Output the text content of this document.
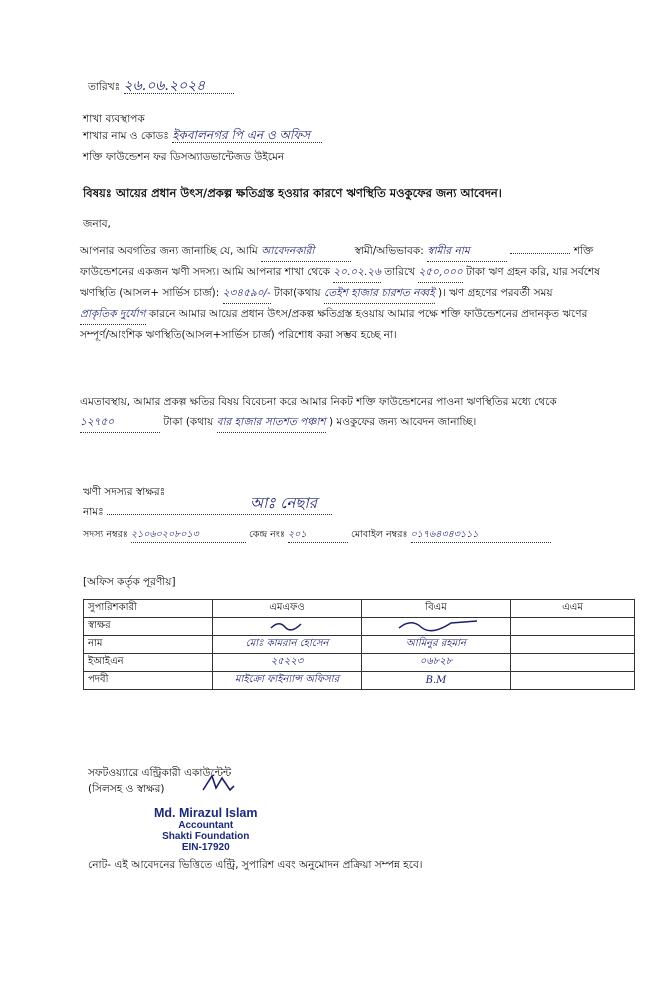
তারিখঃ ২৬.০৬.২০২৪
শাখা ব্যবস্থাপক
শাখার নাম ও কোডঃ ইকবালনগর পি এন ও অফিস
শক্তি ফাউন্ডেশন ফর ডিসঅ্যাডভান্টেজড উইমেন
বিষয়ঃ আয়ের প্রধান উৎস/প্রকল্প ক্ষতিগ্রস্ত হওয়ার কারণে ঋণস্থিতি মওকুফের জন্য আবেদন।
জনাব,
আপনার অবগতির জন্য জানাচ্ছি যে, আমি আবেদনকারী	স্বামী/অভিভাবক: স্বামীর নাম	শক্তি ফাউন্ডেশনের একজন ঋণী সদস্য। আমি আপনার শাখা থেকে ২০.০২.২৬ তারিখে ২৫০,০০০ টাকা ঋণ গ্রহন করি, যার সর্বশেষ ঋণস্থিতি (আসল+ সার্ভিস চার্জ): ২৩৪৫৯০/- টাকা(কথায় তেইশ হাজার চারশত নব্বই )। ঋণ গ্রহণের পরবর্তী সময় প্রাকৃতিক দুর্যোগ কারনে আমার আয়ের প্রধান উৎস/প্রকল্প ক্ষতিগ্রস্ত হওয়ায় আমার পক্ষে শক্তি ফাউন্ডেশনের প্রদানকৃত ঋণের সম্পূর্ণ/আংশিক ঋণস্থিতি(আসল+সার্ভিস চার্জ) পরিশোধ করা সম্ভব হচ্ছে না।
এমতাবস্থায়, আমার প্রকল্প ক্ষতির বিষয় বিবেচনা করে আমার নিকট শক্তি ফাউন্ডেশনের পাওনা ঋণস্থিতির মধ্যে থেকে ১২৭৫০	টাকা (কথায় বার হাজার সাতশত পঞ্চাশ ) মওকুফের জন্য আবেদন জানাচ্ছি।
ঋণী সদস্যর স্বাক্ষরঃ
আঃ নেছার
নামঃ
সদস্য নম্বরঃ ২১০৬০২০৮০১৩	কেন্দ্র নংঃ ২০১	মোবাইল নম্বরঃ ০১৭৬৪৩৪৩১১১
[অফিস কর্তৃক পূরণীয়]
সুপারিশকারী	এমএফও	বিএম	এএম
স্বাক্ষর			
নাম	মোঃ কামরান হোসেন	আমিনুর রহমান	
ইআইএন	২৫২২৩	০৬৮২৮	
পদবী	মাইক্রো ফাইন্যান্স অফিসার	B.M	
সফটওয়্যারে এন্ট্রিকারী একাউন্টেন্ট
(সিলসহ ও স্বাক্ষর)
Md. Mirazul Islam
Accountant
Shakti Foundation
EIN-17920
নোট- এই আবেদনের ভিত্তিতে এন্ট্রি, সুপারিশ এবং অনুমোদন প্রক্রিয়া সম্পন্ন হবে।
